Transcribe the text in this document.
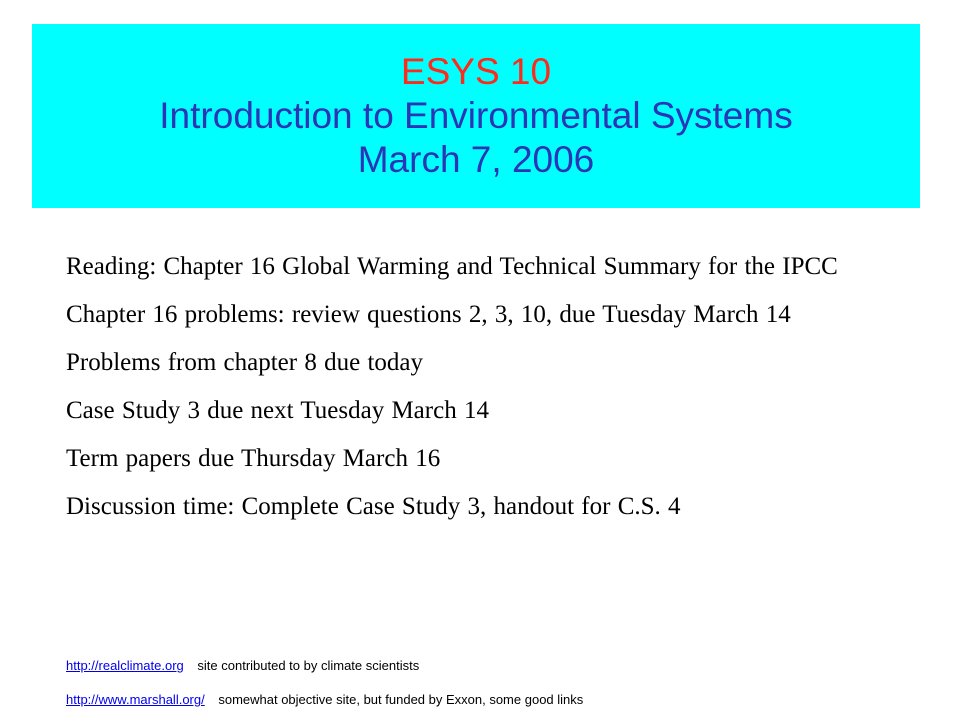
ESYS 10
Introduction to Environmental Systems
March 7, 2006

Reading: Chapter 16 Global Warming and Technical Summary for the IPCC

Chapter 16 problems: review questions 2, 3, 10, due Tuesday March 14

Problems from chapter 8 due today

Case Study 3 due next Tuesday March 14

Term papers due Thursday March 16

Discussion time: Complete Case Study 3, handout for C.S. 4

http://realclimate.org site contributed to by climate scientists
http://www.marshall.org/ somewhat objective site, but funded by Exxon, some good links
